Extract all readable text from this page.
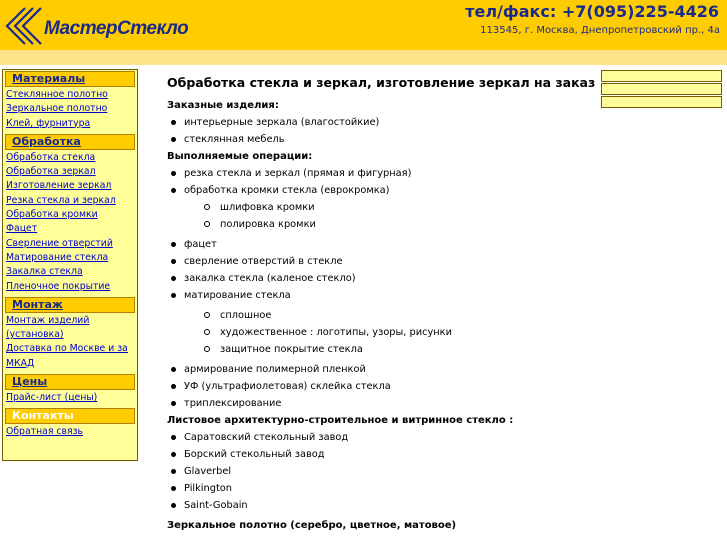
МастерСтекло
тел/факс: +7(095)225-4426
113545, г. Москва, Днепропетровский пр., 4а
Материалы
Стеклянное полотно
Зеркальное полотно
Клей, фурнитура
Обработка
Обработка стекла
Обработка зеркал
Изготовление зеркал
Резка стекла и зеркал
Обработка кромки
Фацет
Сверление отверстий
Матирование стекла
Закалка стекла
Пленочное покрытие
Монтаж
Монтаж изделий (установка)
Доставка по Москве и за МКАД
Цены
Прайс-лист (цены)
Контакты
Обратная связь
Обработка стекла и зеркал, изготовление зеркал на заказ
Заказные изделия:
интерьерные зеркала (влагостойкие)
стеклянная мебель
Выполняемые операции:
резка стекла и зеркал (прямая и фигурная)
обработка кромки стекла (еврокромка)
шлифовка кромки
полировка кромки
фацет
сверление отверстий в стекле
закалка стекла (каленое стекло)
матирование стекла
сплошное
художественное : логотипы, узоры, рисунки
защитное покрытие стекла
армирование полимерной пленкой
УФ (ультрафиолетовая) склейка стекла
триплексирование
Листовое архитектурно-строительное и витринное стекло :
Саратовский стекольный завод
Борский стекольный завод
Glaverbel
Pilkington
Saint-Gobain
Зеркальное полотно (серебро, цветное, матовое)
